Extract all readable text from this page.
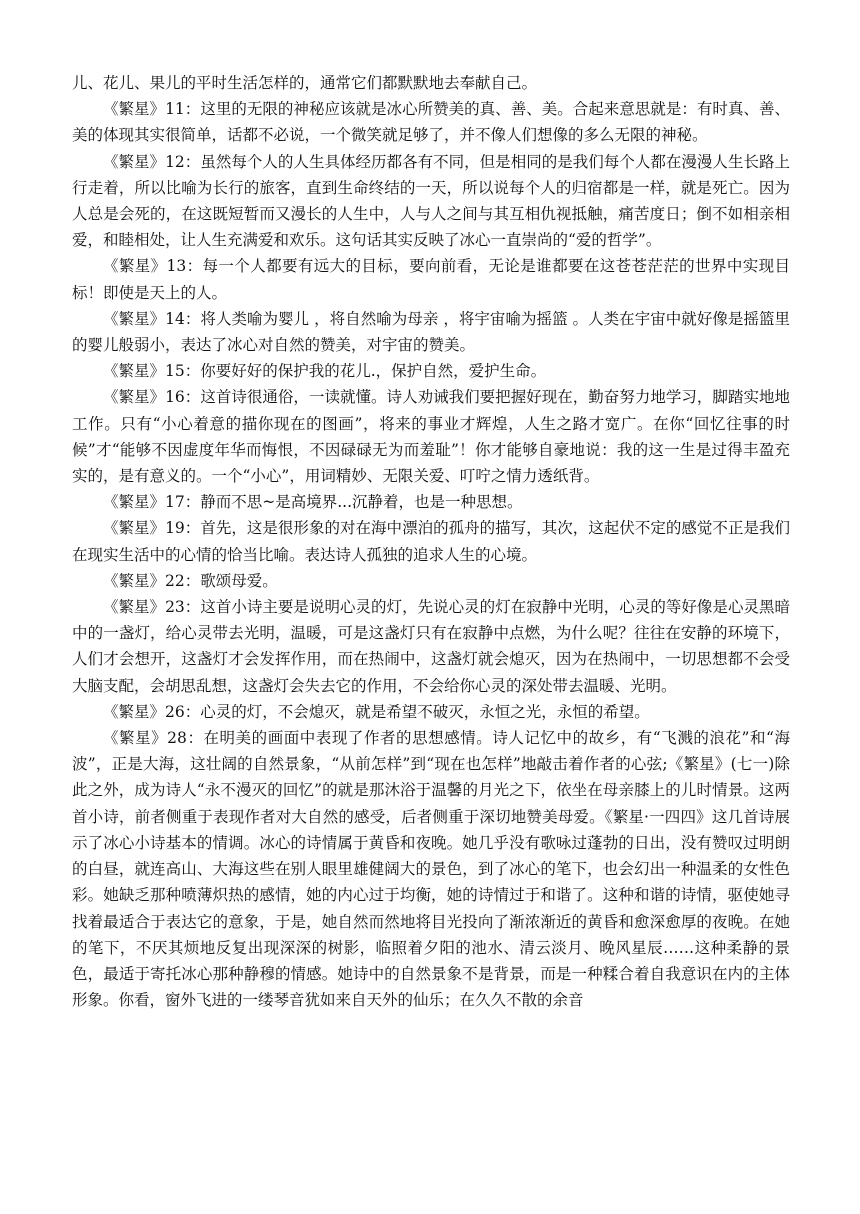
儿、花儿、果儿的平时生活怎样的，通常它们都默默地去奉献自己。

《繁星》11：这里的无限的神秘应该就是冰心所赞美的真、善、美。合起来意思就是：有时真、善、美的体现其实很简单，话都不必说，一个微笑就足够了，并不像人们想像的多么无限的神秘。

《繁星》12：虽然每个人的人生具体经历都各有不同，但是相同的是我们每个人都在漫漫人生长路上行走着，所以比喻为长行的旅客，直到生命终结的一天，所以说每个人的归宿都是一样，就是死亡。因为人总是会死的，在这既短暂而又漫长的人生中，人与人之间与其互相仇视抵触，痛苦度日；倒不如相亲相爱，和睦相处，让人生充满爱和欢乐。这句话其实反映了冰心一直崇尚的“爱的哲学”。

《繁星》13：每一个人都要有远大的目标，要向前看，无论是谁都要在这苍苍茫茫的世界中实现目标！即使是天上的人。

《繁星》14：将人类喻为婴儿 ，将自然喻为母亲 ，将宇宙喻为摇篮 。人类在宇宙中就好像是摇篮里的婴儿般弱小，表达了冰心对自然的赞美，对宇宙的赞美。

《繁星》15：你要好好的保护我的花儿.，保护自然，爱护生命。

《繁星》16：这首诗很通俗，一读就懂。诗人劝诫我们要把握好现在，勤奋努力地学习，脚踏实地地工作。只有“小心着意的描你现在的图画”，将来的事业才辉煌，人生之路才宽广。在你“回忆往事的时候”才“能够不因虚度年华而悔恨，不因碌碌无为而羞耻”！你才能够自豪地说：我的这一生是过得丰盈充实的，是有意义的。一个“小心”，用词精妙、无限关爱、叮咛之情力透纸背。

《繁星》17：静而不思~是高境界...沉静着，也是一种思想。

《繁星》19：首先，这是很形象的对在海中漂泊的孤舟的描写，其次，这起伏不定的感觉不正是我们在现实生活中的心情的恰当比喻。表达诗人孤独的追求人生的心境。

《繁星》22：歌颂母爱。

《繁星》23：这首小诗主要是说明心灵的灯，先说心灵的灯在寂静中光明，心灵的等好像是心灵黑暗中的一盏灯，给心灵带去光明，温暖，可是这盏灯只有在寂静中点燃，为什么呢？往往在安静的环境下，人们才会想开，这盏灯才会发挥作用，而在热闹中，这盏灯就会熄灭，因为在热闹中，一切思想都不会受大脑支配，会胡思乱想，这盏灯会失去它的作用，不会给你心灵的深处带去温暖、光明。

《繁星》26：心灵的灯，不会熄灭，就是希望不破灭，永恒之光，永恒的希望。

《繁星》28：在明美的画面中表现了作者的思想感情。诗人记忆中的故乡，有“飞溅的浪花”和“海波”，正是大海，这壮阔的自然景象，“从前怎样”到“现在也怎样”地敲击着作者的心弦;《繁星》(七一)除此之外，成为诗人“永不漫灭的回忆”的就是那沐浴于温馨的月光之下，依坐在母亲膝上的儿时情景。这两首小诗，前者侧重于表现作者对大自然的感受，后者侧重于深切地赞美母爱。《繁星·一四四》这几首诗展示了冰心小诗基本的情调。冰心的诗情属于黄昏和夜晚。她几乎没有歌咏过蓬勃的日出，没有赞叹过明朗的白昼，就连高山、大海这些在别人眼里雄健阔大的景色，到了冰心的笔下，也会幻出一种温柔的女性色彩。她缺乏那种喷薄炽热的感情，她的内心过于均衡，她的诗情过于和谐了。这种和谐的诗情，驱使她寻找着最适合于表达它的意象，于是，她自然而然地将目光投向了渐浓渐近的黄昏和愈深愈厚的夜晚。在她的笔下，不厌其烦地反复出现深深的树影，临照着夕阳的池水、清云淡月、晚风星辰……这种柔静的景色，最适于寄托冰心那种静穆的情感。她诗中的自然景象不是背景，而是一种糅合着自我意识在内的主体形象。你看，窗外飞进的一缕琴音犹如来自天外的仙乐；在久久不散的余音
